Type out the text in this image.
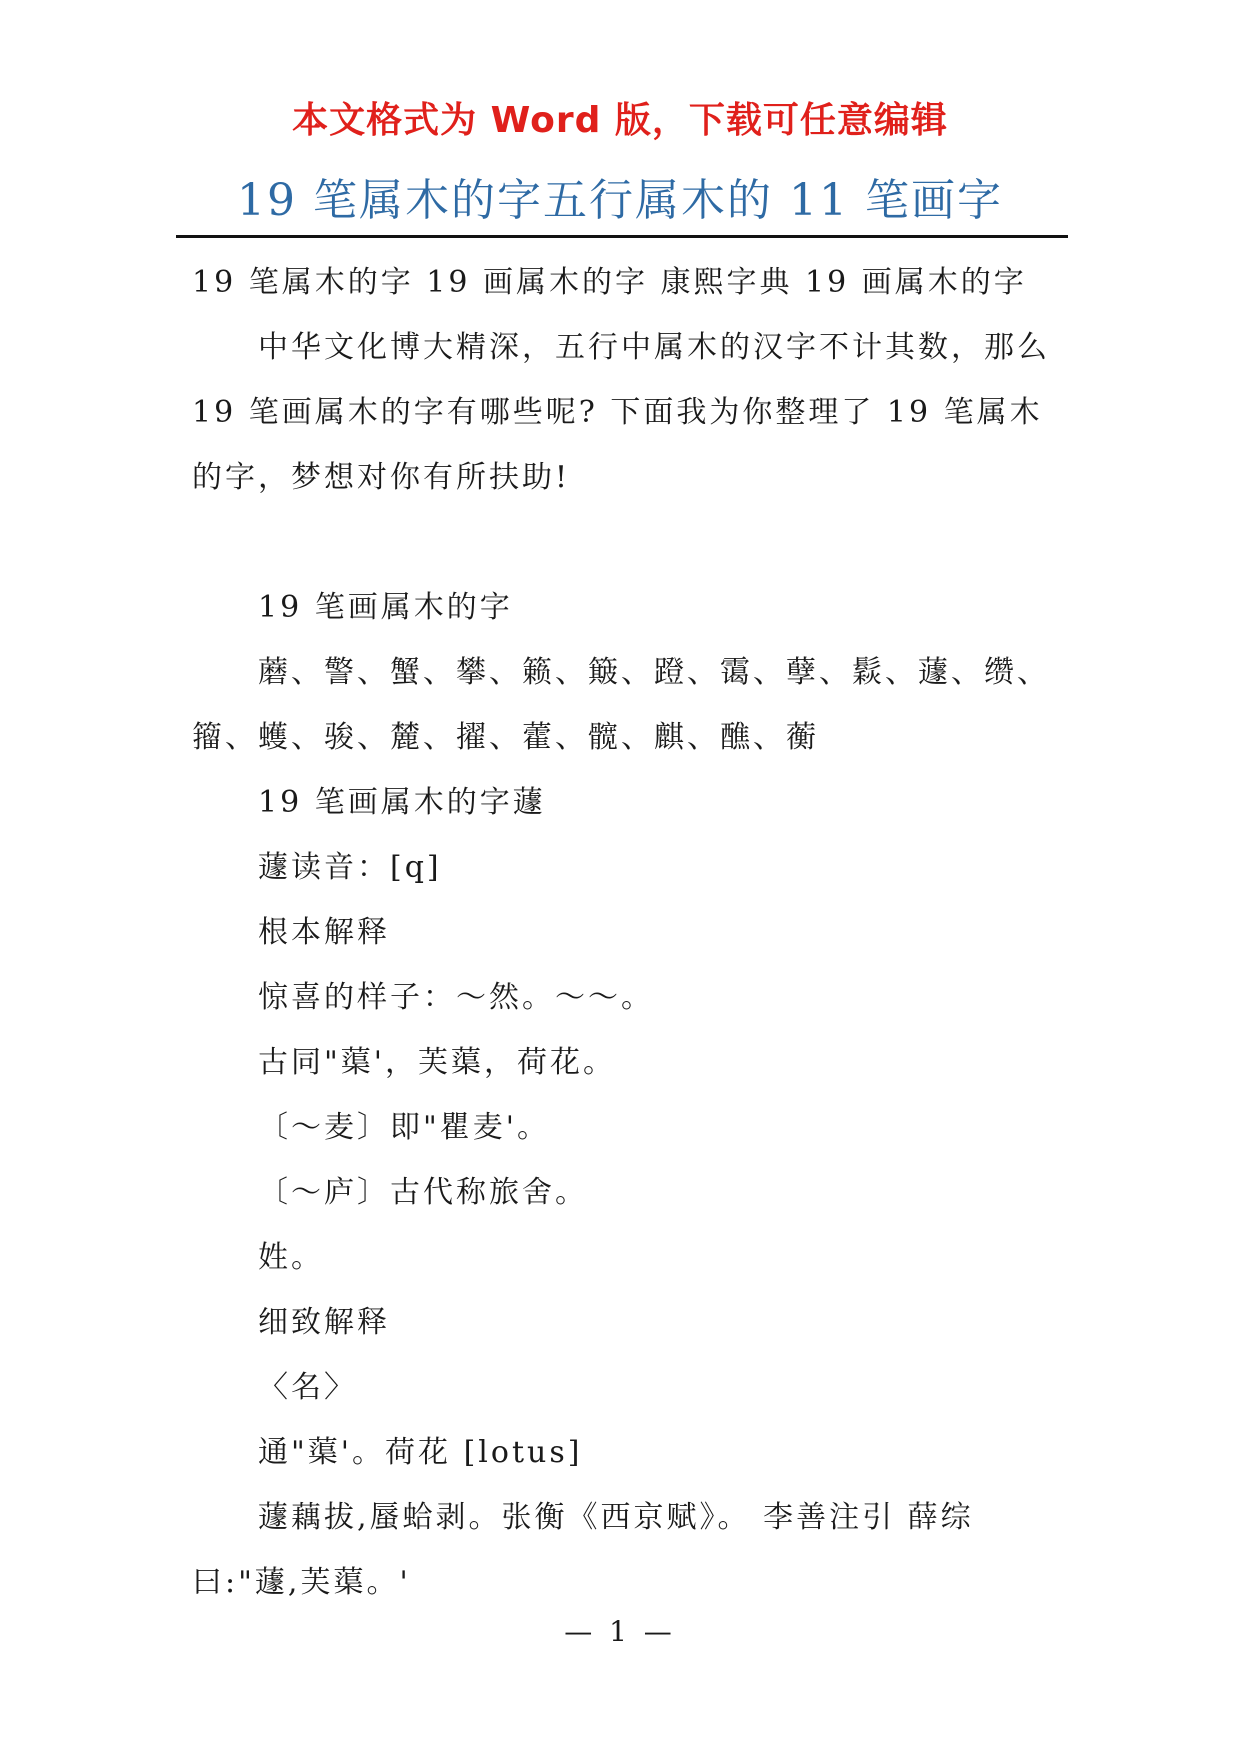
本文格式为 Word 版，下载可任意编辑
19 笔属木的字五行属木的 11 笔画字

19 笔属木的字 19 画属木的字 康熙字典 19 画属木的字

中华文化博大精深，五行中属木的汉字不计其数，那么 19 笔画属木的字有哪些呢? 下面我为你整理了 19 笔属木的字，梦想对你有所扶助!

19 笔画属木的字

蘑、警、蟹、攀、籁、簸、蹬、霭、孽、鬏、蘧、缵、籀、蠖、骏、麓、擢、藿、髋、麒、醮、蘅

19 笔画属木的字蘧

蘧读音：[q]

根本解释

惊喜的样子：～然。～～。

古同"蕖'，芙蕖，荷花。

〔～麦〕即"瞿麦'。

〔～庐〕古代称旅舍。

姓。

细致解释

〈名〉

通"蕖'。荷花 [lotus]

蘧藕拔,蜃蛤剥。张衡《西京赋》。 李善注引 薛综曰:"蘧,芙蕖。'

— 1 —
